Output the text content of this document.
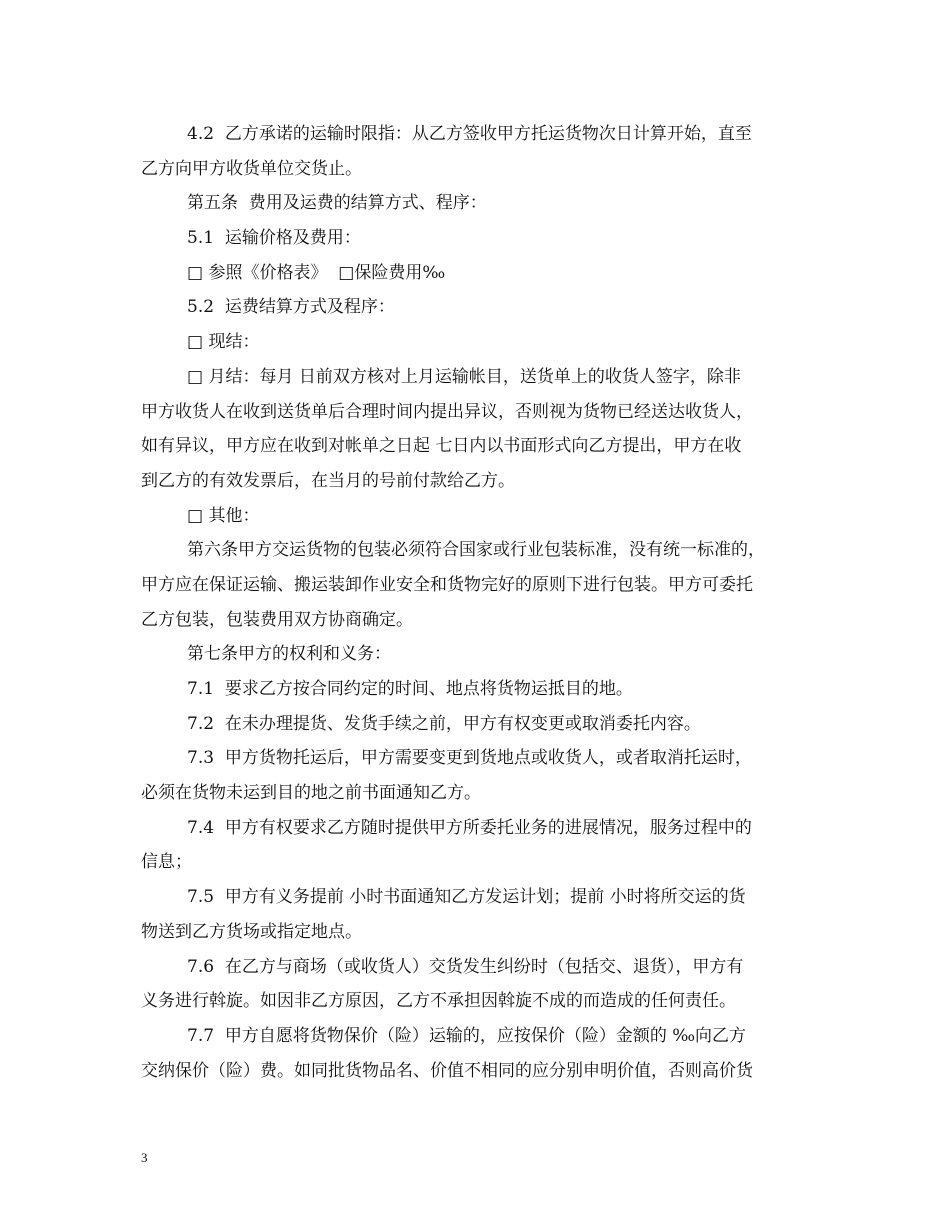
4.2  乙方承诺的运输时限指：从乙方签收甲方托运货物次日计算开始，直至
乙方向甲方收货单位交货止。
第五条  费用及运费的结算方式、程序：
5.1  运输价格及费用：
□ 参照《价格表》  □保险费用‰
5.2  运费结算方式及程序：
□ 现结：
□ 月结：每月 日前双方核对上月运输帐目，送货单上的收货人签字，除非
甲方收货人在收到送货单后合理时间内提出异议，否则视为货物已经送达收货人，
如有异议，甲方应在收到对帐单之日起 七日内以书面形式向乙方提出，甲方在收
到乙方的有效发票后，在当月的号前付款给乙方。
□ 其他：
第六条甲方交运货物的包装必须符合国家或行业包装标准，没有统一标准的，
甲方应在保证运输、搬运装卸作业安全和货物完好的原则下进行包装。甲方可委托
乙方包装，包装费用双方协商确定。
第七条甲方的权利和义务：
7.1  要求乙方按合同约定的时间、地点将货物运抵目的地。
7.2  在未办理提货、发货手续之前，甲方有权变更或取消委托内容。
7.3  甲方货物托运后，甲方需要变更到货地点或收货人，或者取消托运时，
必须在货物未运到目的地之前书面通知乙方。
7.4  甲方有权要求乙方随时提供甲方所委托业务的进展情况，服务过程中的
信息；
7.5  甲方有义务提前 小时书面通知乙方发运计划；提前 小时将所交运的货
物送到乙方货场或指定地点。
7.6  在乙方与商场（或收货人）交货发生纠纷时（包括交、退货），甲方有
义务进行斡旋。如因非乙方原因，乙方不承担因斡旋不成的而造成的任何责任。
7.7  甲方自愿将货物保价（险）运输的，应按保价（险）金额的 ‰向乙方
交纳保价（险）费。如同批货物品名、价值不相同的应分别申明价值，否则高价货
3
